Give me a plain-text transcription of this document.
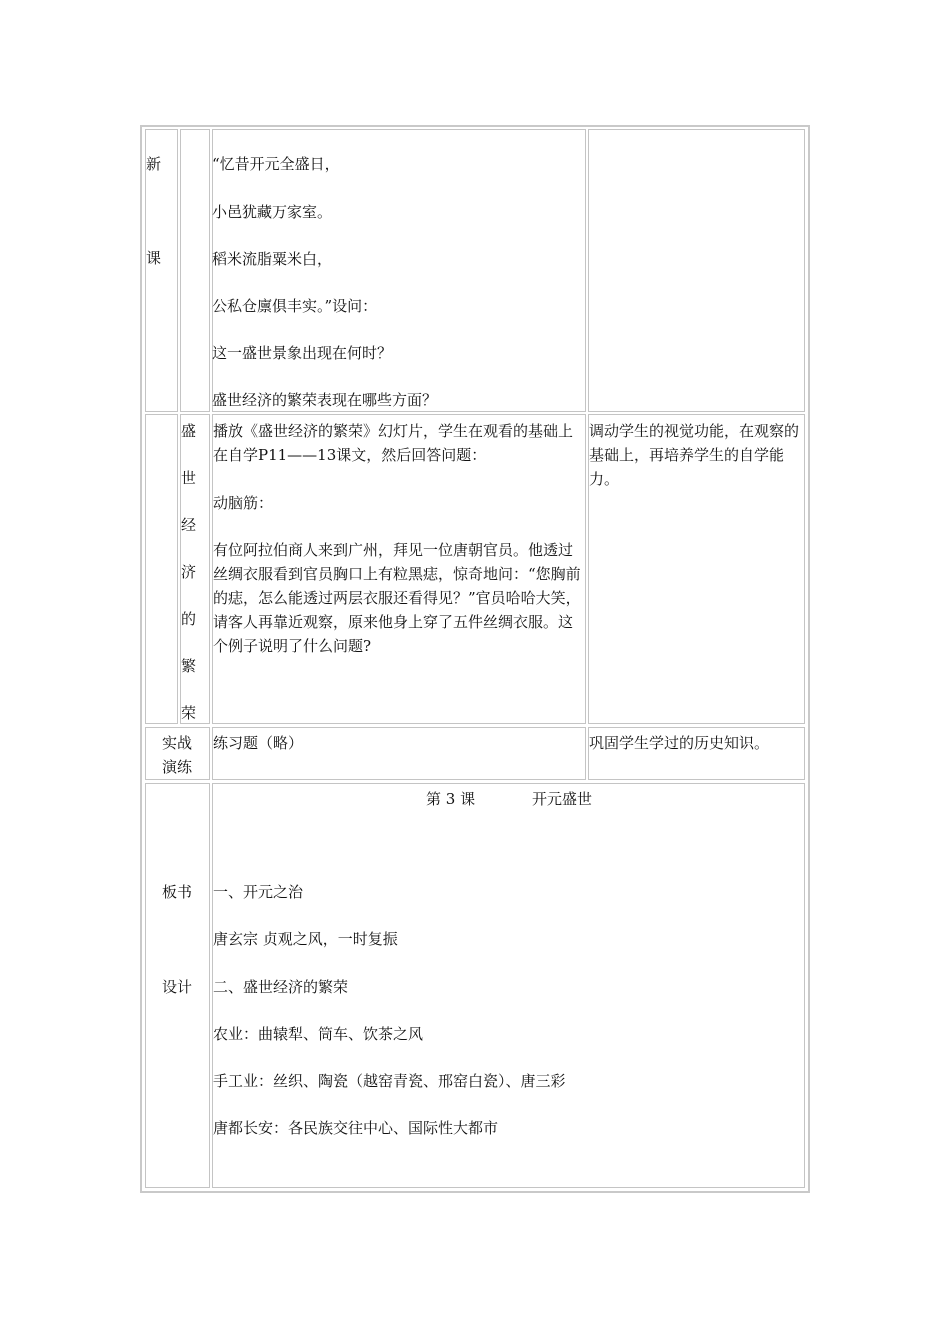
新
课
“忆昔开元全盛日，
小邑犹藏万家室。
稻米流脂粟米白，
公私仓廪俱丰实。”设问：
这一盛世景象出现在何时？
盛世经济的繁荣表现在哪些方面？
盛
世
经
济
的
繁
荣
播放《盛世经济的繁荣》幻灯片，学生在观看的基础上在自学P11——13课文，然后回答问题：
动脑筋：
有位阿拉伯商人来到广州，拜见一位唐朝官员。他透过丝绸衣服看到官员胸口上有粒黑痣，惊奇地问：“您胸前的痣，怎么能透过两层衣服还看得见？”官员哈哈大笑，请客人再靠近观察，原来他身上穿了五件丝绸衣服。这个例子说明了什么问题?
调动学生的视觉功能，在观察的基础上，再培养学生的自学能力。
实战
演练
练习题（略）	巩固学生学过的历史知识。
板书
设计
第 3 课	开元盛世
一、开元之治
唐玄宗 贞观之风，一时复振
二、盛世经济的繁荣
农业：曲辕犁、筒车、饮茶之风
手工业：丝织、陶瓷（越窑青瓷、邢窑白瓷）、唐三彩
唐都长安：各民族交往中心、国际性大都市
